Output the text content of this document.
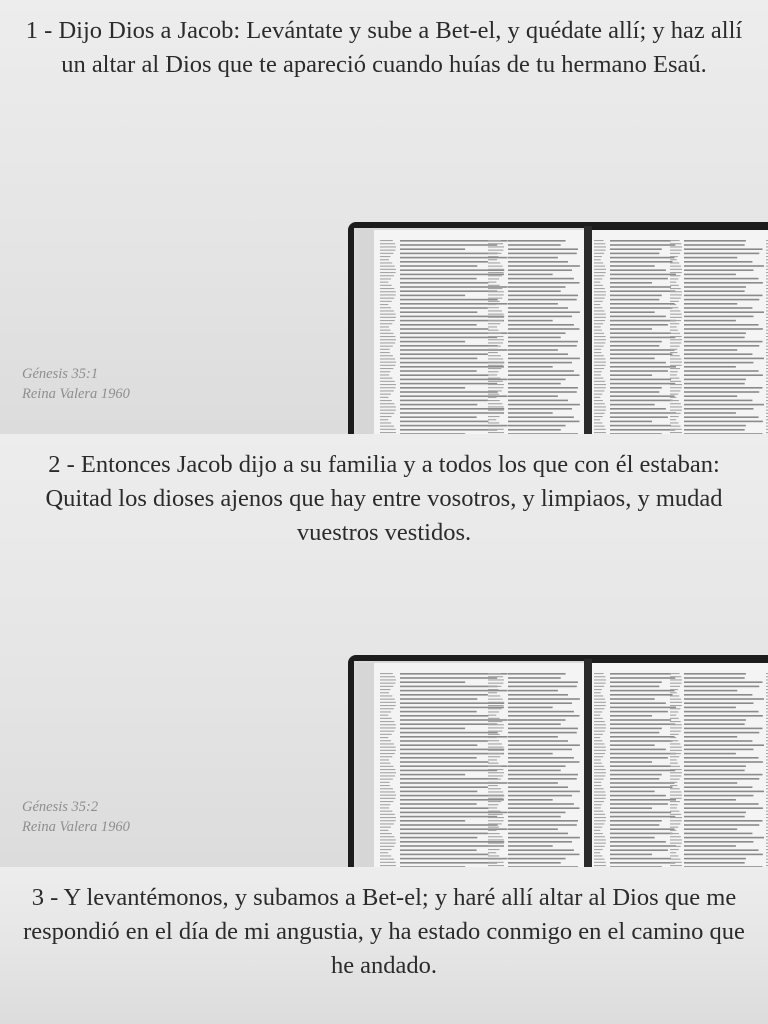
1 - Dijo Dios a Jacob: Levántate y sube a Bet-el, y quédate allí; y haz allí un altar al Dios que te apareció cuando huías de tu hermano Esaú.

Génesis 35:1
Reina Valera 1960

2 - Entonces Jacob dijo a su familia y a todos los que con él estaban: Quitad los dioses ajenos que hay entre vosotros, y limpiaos, y mudad vuestros vestidos.

Génesis 35:2
Reina Valera 1960

3 - Y levantémonos, y subamos a Bet-el; y haré allí altar al Dios que me respondió en el día de mi angustia, y ha estado conmigo en el camino que he andado.
